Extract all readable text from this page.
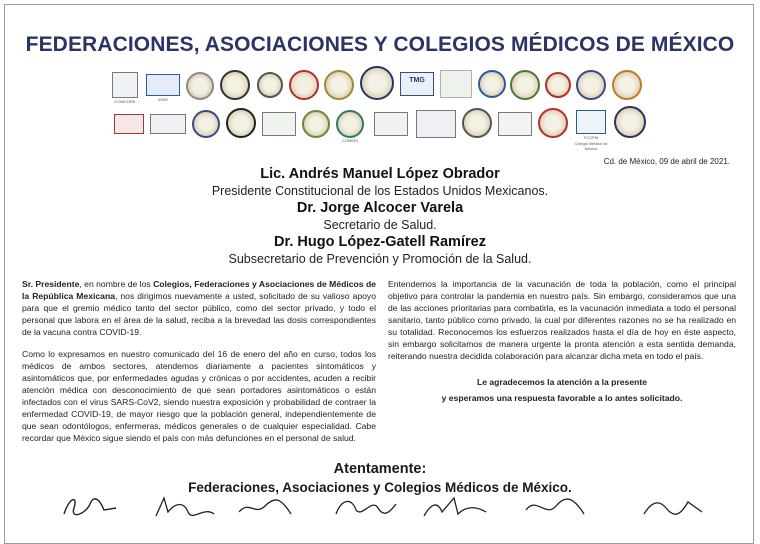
FEDERACIONES, ASOCIACIONES Y COLEGIOS MÉDICOS DE MÉXICO
COMCORE	IMSS
TMG
COMEDI
FCCPM
Colegio Médico de México
Cd. de México, 09 de abril de 2021.
Lic. Andrés Manuel López Obrador
Presidente Constitucional de los Estados Unidos Mexicanos.
Dr. Jorge Alcocer Varela
Secretario de Salud.
Dr. Hugo López-Gatell Ramírez
Subsecretario de Prevención y Promoción de la Salud.

Sr. Presidente, en nombre de los Colegios, Federaciones y Asociaciones de Médicos de la República Mexicana, nos dirigimos nuevamente a usted, solicitado de su valioso apoyo para que el gremio médico tanto del sector público, como del sector privado, y todo el personal que labora en el área de la salud, reciba a la brevedad las dosis correspondientes de la vacuna contra COVID-19.

Como lo expresamos en nuestro comunicado del 16 de enero del año en curso, todos los médicos de ambos sectores, atendemos diariamente a pacientes sintomáticos y asintomáticos que, por enfermedades agudas y crónicas o por accidentes, acuden a recibir atención médica con desconocimiento de que sean portadores asintomáticos o están infectados con el virus SARS-CoV2, siendo nuestra exposición y probabilidad de contraer la enfermedad COVID-19, de mayor riesgo que la población general, independientemente de que sean odontólogos, enfermeras, médicos generales o de cualquier especialidad. Cabe recordar que México sigue siendo el país con más defunciones en el personal de salud.

Entendemos la importancia de la vacunación de toda la población, como el principal objetivo para controlar la pandemia en nuestro país. Sin embargo, consideramos que una de las acciones prioritarias para combatirla, es la vacunación inmediata a todo el personal sanitario, tanto público como privado, la cual por diferentes razones no se ha realizado en su totalidad. Reconocemos los esfuerzos realizados hasta el día de hoy en éste aspecto, sin embargo solicitamos de manera urgente la pronta atención a esta sentida demanda, reiterando nuestra decidida colaboración para alcanzar dicha meta en todo el país.

Le agradecemos la atención a la presente
y esperamos una respuesta favorable a lo antes solicitado.
Atentamente:
Federaciones, Asociaciones y Colegios Médicos de México.
